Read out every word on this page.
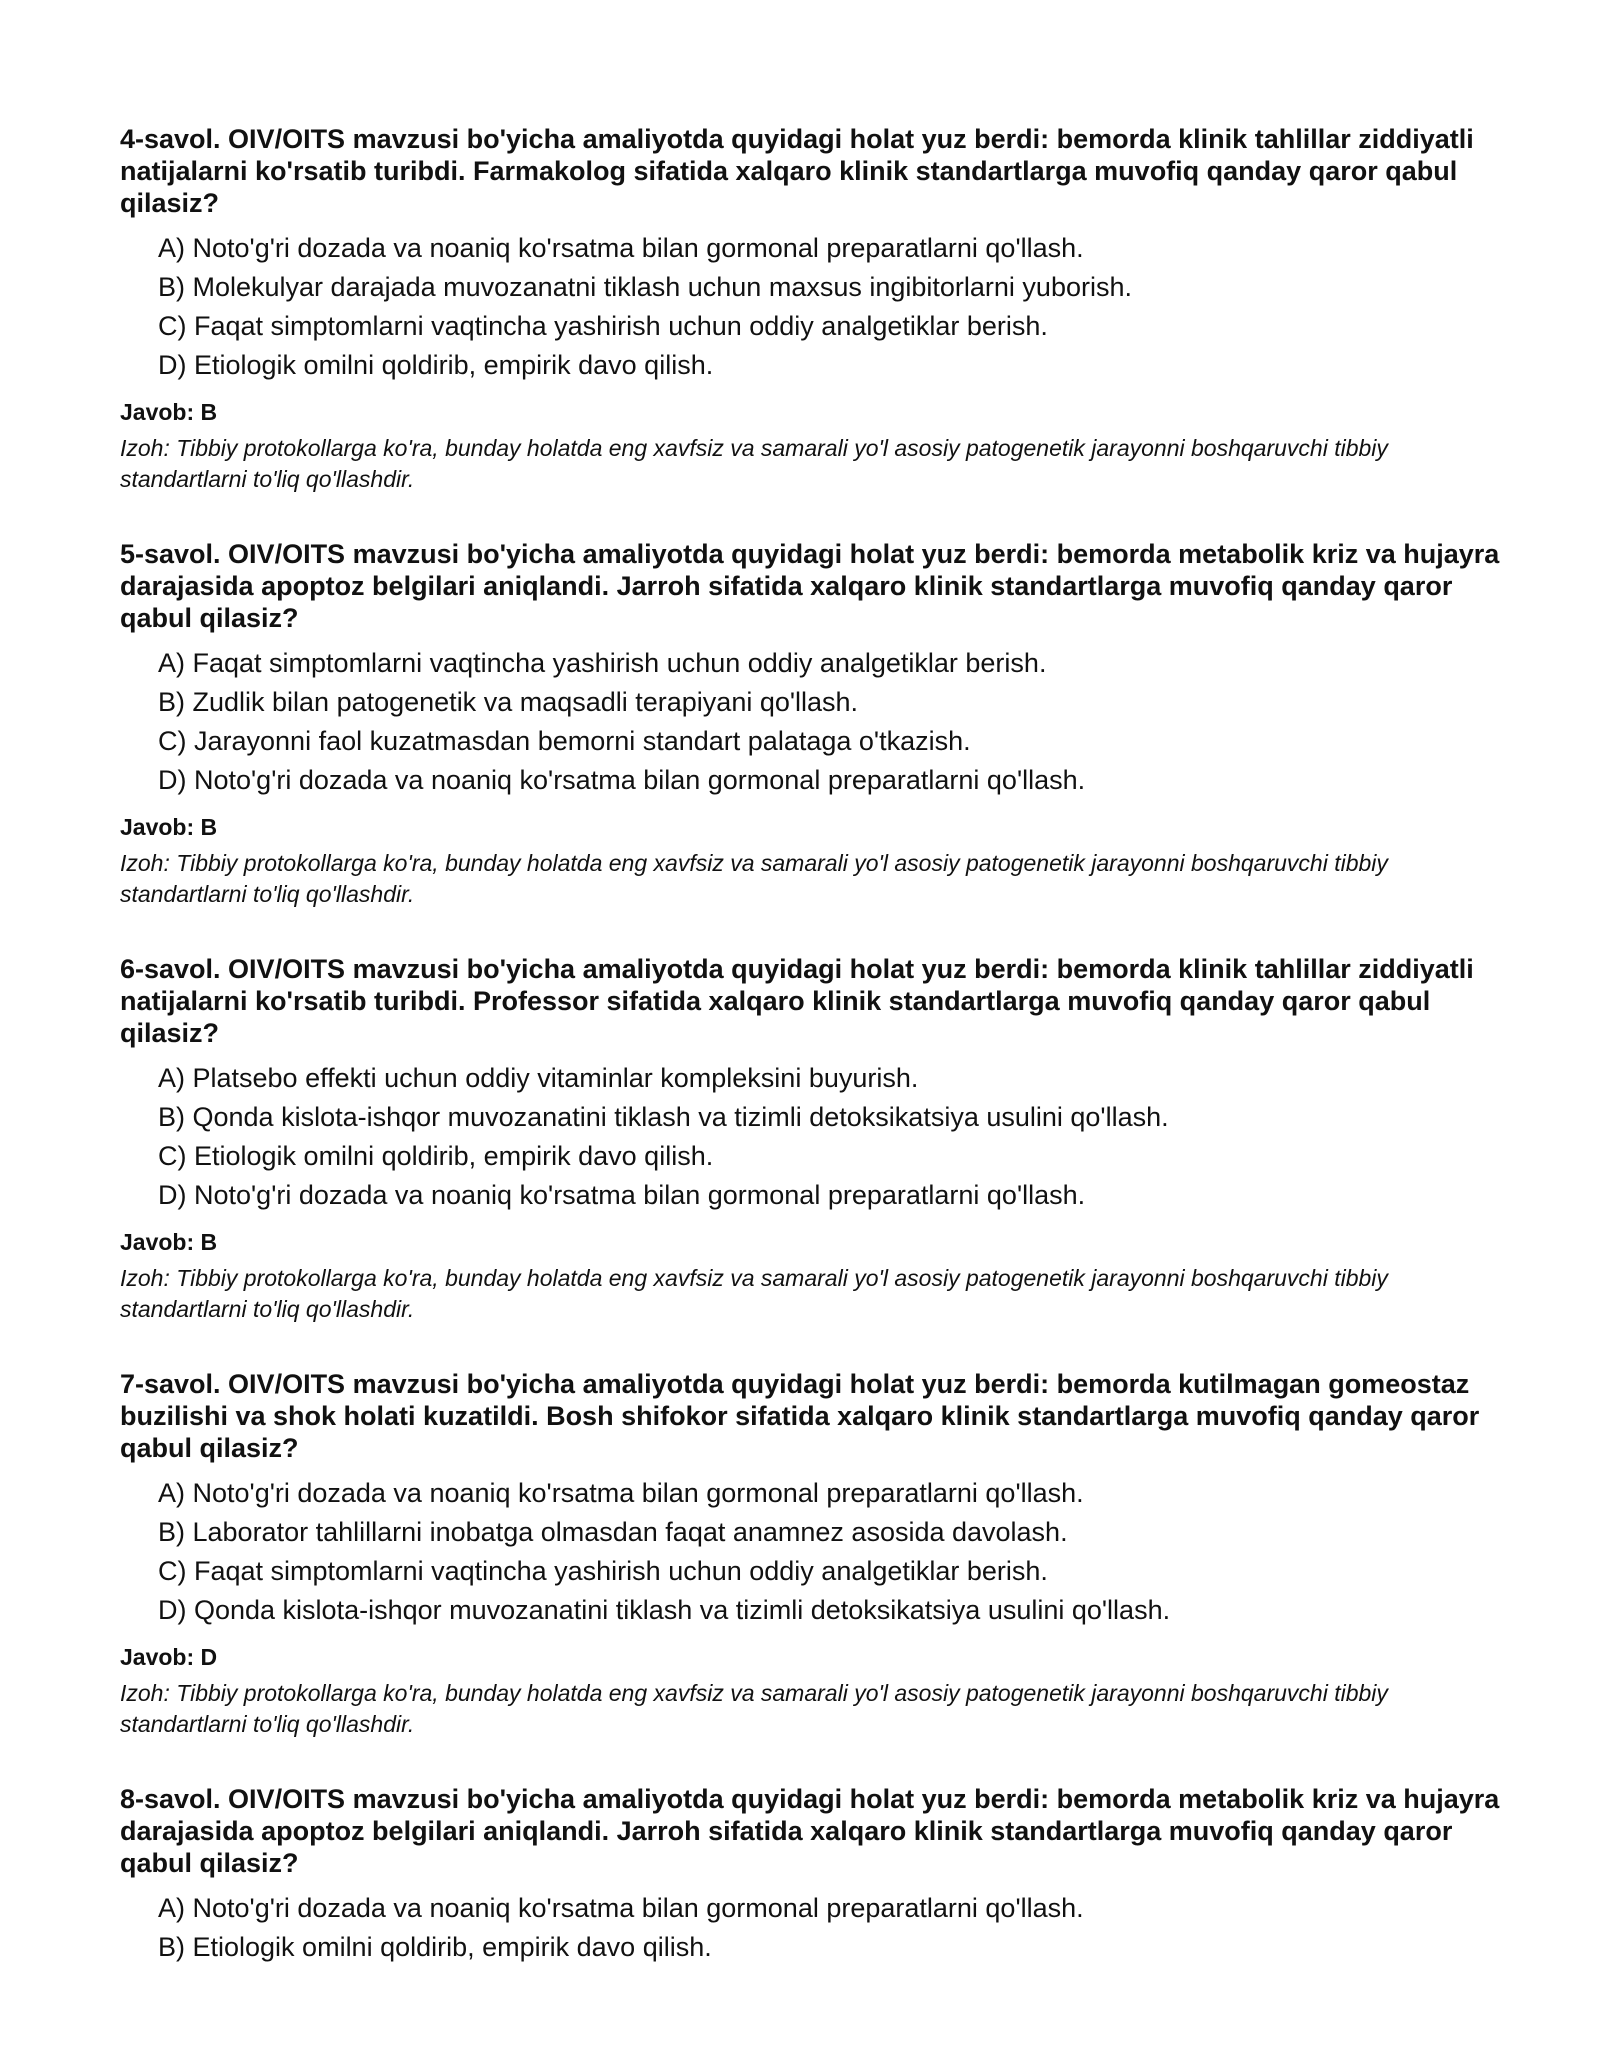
4-savol. OIV/OITS mavzusi bo'yicha amaliyotda quyidagi holat yuz berdi: bemorda klinik tahlillar ziddiyatli natijalarni ko'rsatib turibdi. Farmakolog sifatida xalqaro klinik standartlarga muvofiq qanday qaror qabul qilasiz?
A) Noto'g'ri dozada va noaniq ko'rsatma bilan gormonal preparatlarni qo'llash.
B) Molekulyar darajada muvozanatni tiklash uchun maxsus ingibitorlarni yuborish.
C) Faqat simptomlarni vaqtincha yashirish uchun oddiy analgetiklar berish.
D) Etiologik omilni qoldirib, empirik davo qilish.
Javob: B
Izoh: Tibbiy protokollarga ko'ra, bunday holatda eng xavfsiz va samarali yo'l asosiy patogenetik jarayonni boshqaruvchi tibbiy standartlarni to'liq qo'llashdir.
5-savol. OIV/OITS mavzusi bo'yicha amaliyotda quyidagi holat yuz berdi: bemorda metabolik kriz va hujayra darajasida apoptoz belgilari aniqlandi. Jarroh sifatida xalqaro klinik standartlarga muvofiq qanday qaror qabul qilasiz?
A) Faqat simptomlarni vaqtincha yashirish uchun oddiy analgetiklar berish.
B) Zudlik bilan patogenetik va maqsadli terapiyani qo'llash.
C) Jarayonni faol kuzatmasdan bemorni standart palataga o'tkazish.
D) Noto'g'ri dozada va noaniq ko'rsatma bilan gormonal preparatlarni qo'llash.
Javob: B
Izoh: Tibbiy protokollarga ko'ra, bunday holatda eng xavfsiz va samarali yo'l asosiy patogenetik jarayonni boshqaruvchi tibbiy standartlarni to'liq qo'llashdir.
6-savol. OIV/OITS mavzusi bo'yicha amaliyotda quyidagi holat yuz berdi: bemorda klinik tahlillar ziddiyatli natijalarni ko'rsatib turibdi. Professor sifatida xalqaro klinik standartlarga muvofiq qanday qaror qabul qilasiz?
A) Platsebo effekti uchun oddiy vitaminlar kompleksini buyurish.
B) Qonda kislota-ishqor muvozanatini tiklash va tizimli detoksikatsiya usulini qo'llash.
C) Etiologik omilni qoldirib, empirik davo qilish.
D) Noto'g'ri dozada va noaniq ko'rsatma bilan gormonal preparatlarni qo'llash.
Javob: B
Izoh: Tibbiy protokollarga ko'ra, bunday holatda eng xavfsiz va samarali yo'l asosiy patogenetik jarayonni boshqaruvchi tibbiy standartlarni to'liq qo'llashdir.
7-savol. OIV/OITS mavzusi bo'yicha amaliyotda quyidagi holat yuz berdi: bemorda kutilmagan gomeostaz buzilishi va shok holati kuzatildi. Bosh shifokor sifatida xalqaro klinik standartlarga muvofiq qanday qaror qabul qilasiz?
A) Noto'g'ri dozada va noaniq ko'rsatma bilan gormonal preparatlarni qo'llash.
B) Laborator tahlillarni inobatga olmasdan faqat anamnez asosida davolash.
C) Faqat simptomlarni vaqtincha yashirish uchun oddiy analgetiklar berish.
D) Qonda kislota-ishqor muvozanatini tiklash va tizimli detoksikatsiya usulini qo'llash.
Javob: D
Izoh: Tibbiy protokollarga ko'ra, bunday holatda eng xavfsiz va samarali yo'l asosiy patogenetik jarayonni boshqaruvchi tibbiy standartlarni to'liq qo'llashdir.
8-savol. OIV/OITS mavzusi bo'yicha amaliyotda quyidagi holat yuz berdi: bemorda metabolik kriz va hujayra darajasida apoptoz belgilari aniqlandi. Jarroh sifatida xalqaro klinik standartlarga muvofiq qanday qaror qabul qilasiz?
A) Noto'g'ri dozada va noaniq ko'rsatma bilan gormonal preparatlarni qo'llash.
B) Etiologik omilni qoldirib, empirik davo qilish.
